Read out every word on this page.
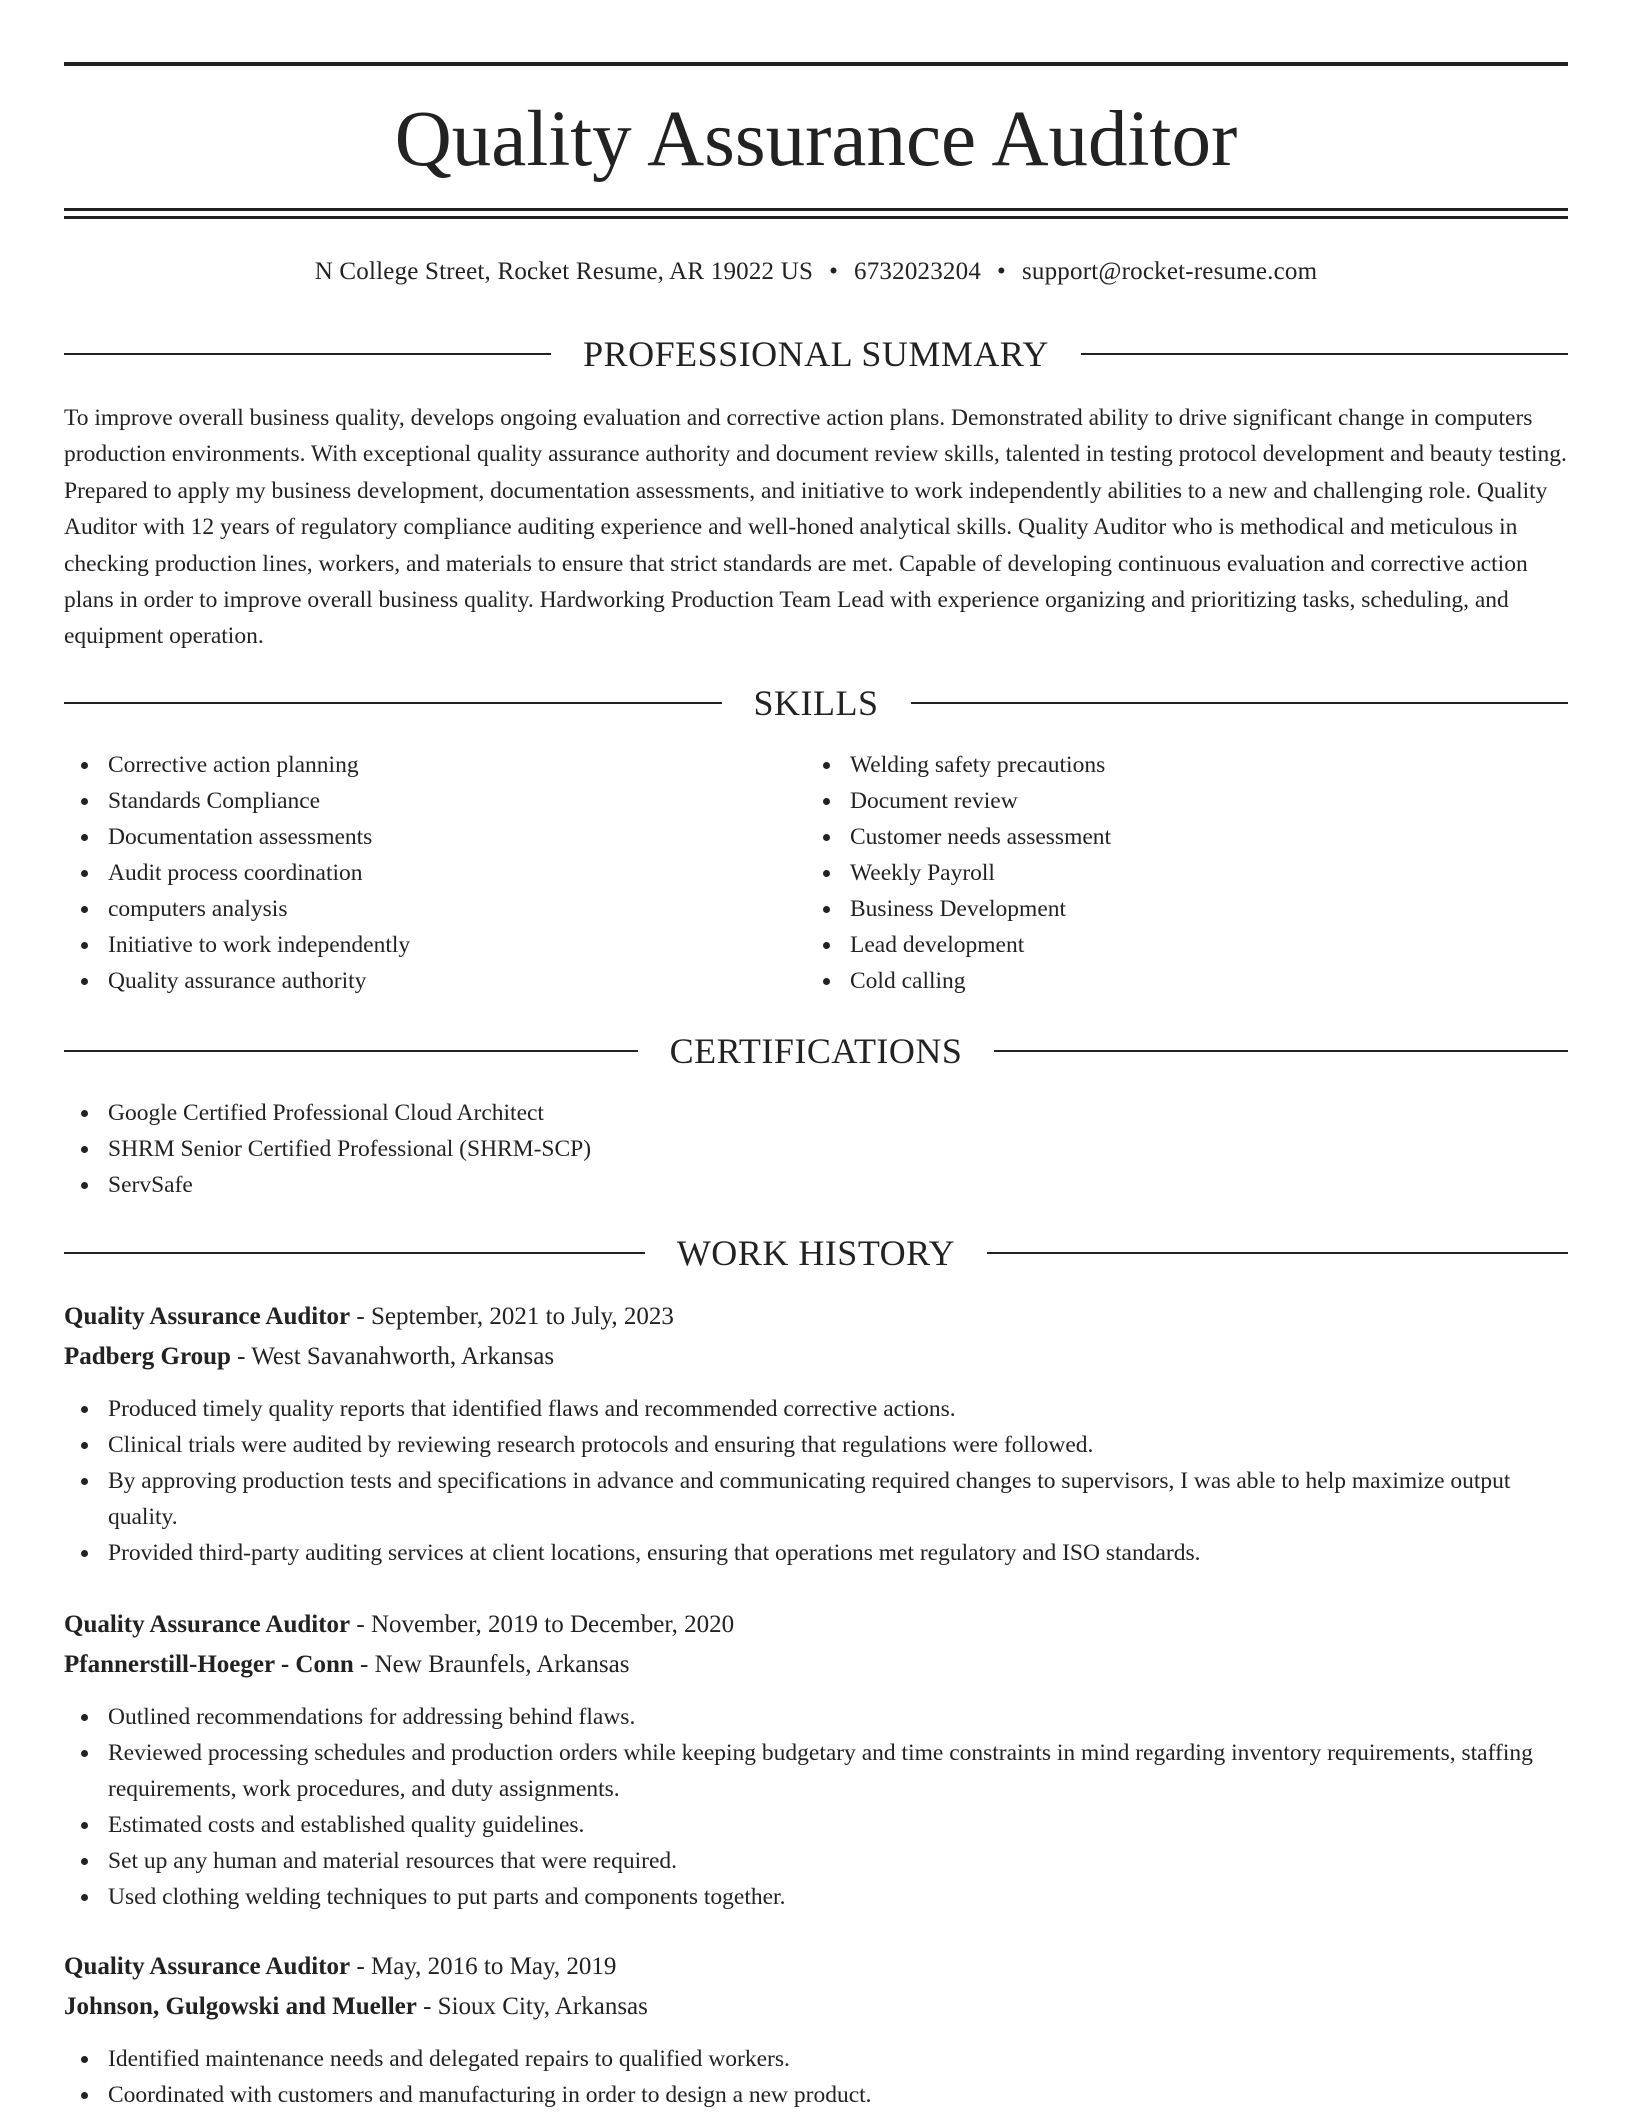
Quality Assurance Auditor
N College Street, Rocket Resume, AR 19022 US • 6732023204 • support@rocket-resume.com
PROFESSIONAL SUMMARY

To improve overall business quality, develops ongoing evaluation and corrective action plans. Demonstrated ability to drive significant change in computers production environments. With exceptional quality assurance authority and document review skills, talented in testing protocol development and beauty testing. Prepared to apply my business development, documentation assessments, and initiative to work independently abilities to a new and challenging role. Quality Auditor with 12 years of regulatory compliance auditing experience and well-honed analytical skills. Quality Auditor who is methodical and meticulous in checking production lines, workers, and materials to ensure that strict standards are met. Capable of developing continuous evaluation and corrective action plans in order to improve overall business quality. Hardworking Production Team Lead with experience organizing and prioritizing tasks, scheduling, and equipment operation.

SKILLS
Corrective action planning
Standards Compliance
Documentation assessments
Audit process coordination
computers analysis
Initiative to work independently
Quality assurance authority
Welding safety precautions
Document review
Customer needs assessment
Weekly Payroll
Business Development
Lead development
Cold calling
CERTIFICATIONS
Google Certified Professional Cloud Architect
SHRM Senior Certified Professional (SHRM-SCP)
ServSafe
WORK HISTORY
Quality Assurance Auditor - September, 2021 to July, 2023
Padberg Group - West Savanahworth, Arkansas
Produced timely quality reports that identified flaws and recommended corrective actions.
Clinical trials were audited by reviewing research protocols and ensuring that regulations were followed.
By approving production tests and specifications in advance and communicating required changes to supervisors, I was able to help maximize output quality.
Provided third-party auditing services at client locations, ensuring that operations met regulatory and ISO standards.
Quality Assurance Auditor - November, 2019 to December, 2020
Pfannerstill-Hoeger - Conn - New Braunfels, Arkansas
Outlined recommendations for addressing behind flaws.
Reviewed processing schedules and production orders while keeping budgetary and time constraints in mind regarding inventory requirements, staffing requirements, work procedures, and duty assignments.
Estimated costs and established quality guidelines.
Set up any human and material resources that were required.
Used clothing welding techniques to put parts and components together.
Quality Assurance Auditor - May, 2016 to May, 2019
Johnson, Gulgowski and Mueller - Sioux City, Arkansas
Identified maintenance needs and delegated repairs to qualified workers.
Coordinated with customers and manufacturing in order to design a new product.
